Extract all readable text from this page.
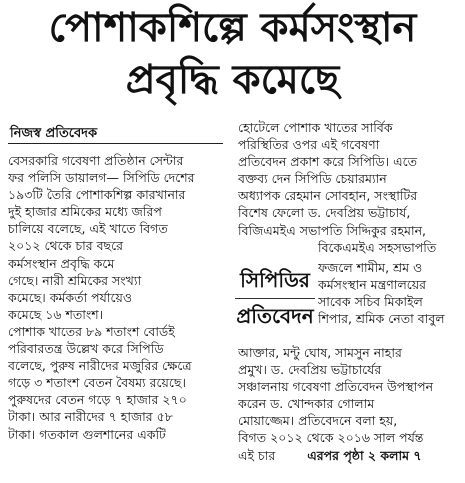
পোশাকশিল্পে কর্মসংস্থান
প্রবৃদ্ধি কমেছে
নিজস্ব প্রতিবেদক
বেসরকারি গবেষণা প্রতিষ্ঠান সেন্টার
ফর পলিসি ডায়ালগ— সিপিডি দেশের
১৯৩টি তৈরি পোশাকশিল্প কারখানার
দুই হাজার শ্রমিকের মধ্যে জরিপ
চালিয়ে বলেছে, এই খাতে বিগত
২০১২ থেকে চার বছরে
কর্মসংস্থান প্রবৃদ্ধি কমে
গেছে। নারী শ্রমিকের সংখ্যা
কমেছে। কর্মকর্তা পর্যায়েও
কমেছে ১৬ শতাংশ।
পোশাক খাতের ৮৯ শতাংশ বোর্ডই
পরিবারতন্ত্র উল্লেখ করে সিপিডি
বলেছে, পুরুষ নারীদের মজুরির ক্ষেত্রে
গড়ে ৩ শতাংশ বেতন বৈষম্য রয়েছে।
পুরুষদের বেতন গড়ে ৭ হাজার ২৭০
টাকা। আর নারীদের ৭ হাজার ৫৮
টাকা। গতকাল গুলশানের একটি
হোটেলে পোশাক খাতের সার্বিক
পরিস্থিতির ওপর এই গবেষণা
প্রতিবেদন প্রকাশ করে সিপিডি। এতে
বক্তব্য দেন সিপিডি চেয়ারম্যান
অধ্যাপক রেহমান সোবহান, সংস্থাটির
বিশেষ ফেলো ড. দেবপ্রিয় ভট্টাচার্য,
বিজিএমইএ সভাপতি সিদ্দিকুর রহমান,
বিকেএমইএ সহসভাপতি
সিপিডির
প্রতিবেদন
ফজলে শামীম, শ্রম ও
কর্মসংস্থান মন্ত্রণালয়ের
সাবেক সচিব মিকাইল
শিপার, শ্রমিক নেতা বাবুল
আক্তার, মন্টু ঘোষ, সামসুন নাহার
প্রমুখ। ড. দেবপ্রিয় ভট্টাচার্যের
সঞ্চালনায় গবেষণা প্রতিবেদন উপস্থাপন
করেন ড. খোন্দকার গোলাম
মোয়াজ্জেম। প্রতিবেদনে বলা হয়,
বিগত ২০১২ থেকে ২০১৬ সাল পর্যন্ত
এই চার	এরপর পৃষ্ঠা ২ কলাম ৭
